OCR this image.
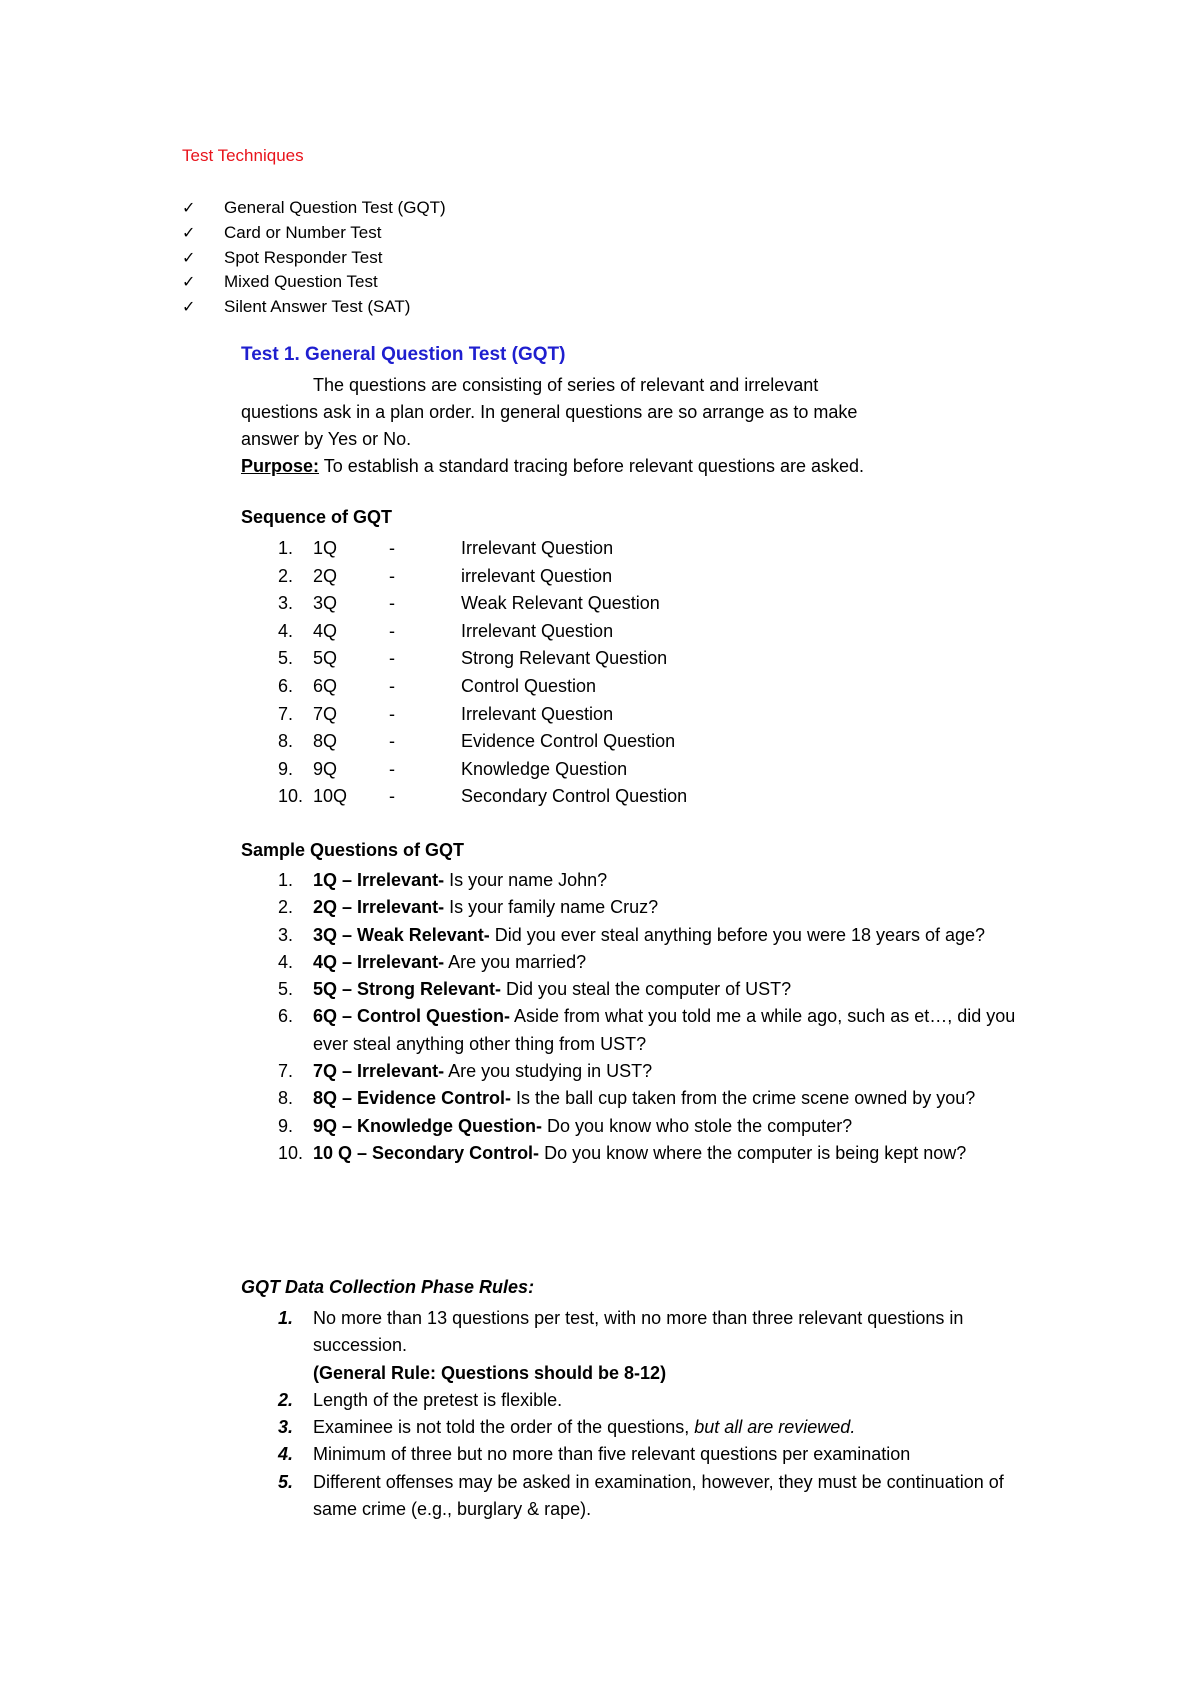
Test Techniques
✓ General Question Test (GQT)
✓ Card or Number Test
✓ Spot Responder Test
✓ Mixed Question Test
✓ Silent Answer Test (SAT)
Test 1. General Question Test (GQT)
The questions are consisting of series of relevant and irrelevant
questions ask in a plan order. In general questions are so arrange as to make
answer by Yes or No.
Purpose: To establish a standard tracing before relevant questions are asked.
Sequence of GQT
1. 1Q	-	Irrelevant Question
2. 2Q	-	irrelevant Question
3. 3Q	-	Weak Relevant Question
4. 4Q	-	Irrelevant Question
5. 5Q	-	Strong Relevant Question
6. 6Q	-	Control Question
7. 7Q	-	Irrelevant Question
8. 8Q	-	Evidence Control Question
9. 9Q	-	Knowledge Question
10. 10Q -	Secondary Control Question
Sample Questions of GQT
1. 1Q – Irrelevant- Is your name John?
2. 2Q – Irrelevant- Is your family name Cruz?
3. 3Q – Weak Relevant- Did you ever steal anything before you were 18 years of age?
4. 4Q – Irrelevant- Are you married?
5. 5Q – Strong Relevant- Did you steal the computer of UST?
6. 6Q – Control Question- Aside from what you told me a while ago, such as et…, did you ever steal anything other thing from UST?
7. 7Q – Irrelevant- Are you studying in UST?
8. 8Q – Evidence Control- Is the ball cup taken from the crime scene owned by you?
9. 9Q – Knowledge Question- Do you know who stole the computer?
10. 10 Q – Secondary Control- Do you know where the computer is being kept now?
GQT Data Collection Phase Rules:
1. No more than 13 questions per test, with no more than three relevant questions in succession.
(General Rule: Questions should be 8-12)
2. Length of the pretest is flexible.
3. Examinee is not told the order of the questions, but all are reviewed.
4. Minimum of three but no more than five relevant questions per examination
5. Different offenses may be asked in examination, however, they must be continuation of same crime (e.g., burglary & rape).
